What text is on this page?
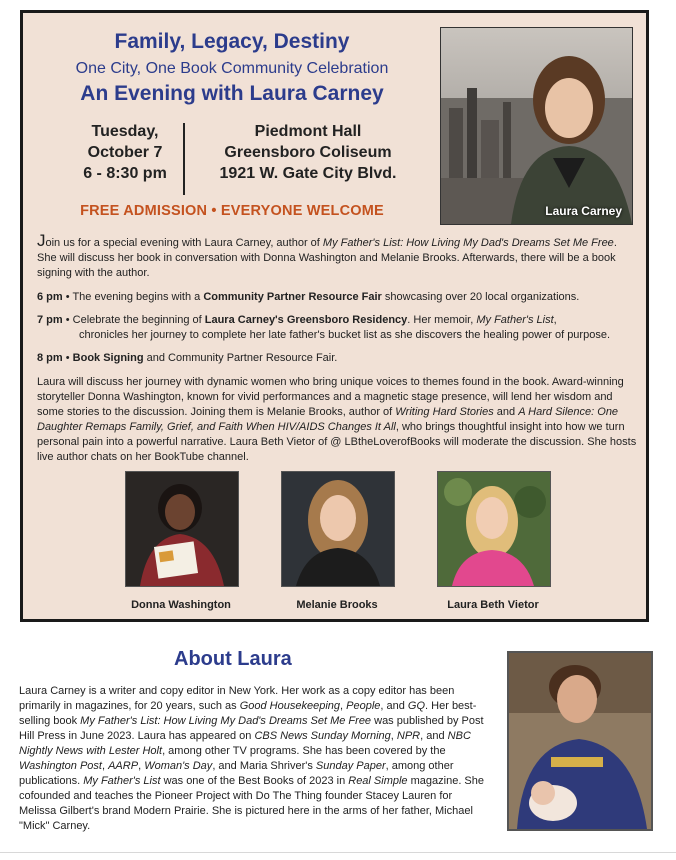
Family, Legacy, Destiny
One City, One Book Community Celebration
An Evening with Laura Carney
Tuesday,
October 7
6 - 8:30 pm
Piedmont Hall
Greensboro Coliseum
1921 W. Gate City Blvd.
FREE ADMISSION • EVERYONE WELCOME	Laura Carney

Join us for a special evening with Laura Carney, author of My Father's List: How Living My Dad's Dreams Set Me Free. She will discuss her book in conversation with Donna Washington and Melanie Brooks. Afterwards, there will be a book signing with the author.

6 pm • The evening begins with a Community Partner Resource Fair showcasing over 20 local organizations.
7 pm • Celebrate the beginning of Laura Carney's Greensboro Residency. Her memoir, My Father's List,
chronicles her journey to complete her late father's bucket list as she discovers the healing power of purpose.
8 pm • Book Signing and Community Partner Resource Fair.

Laura will discuss her journey with dynamic women who bring unique voices to themes found in the book. Award-winning storyteller Donna Washington, known for vivid performances and a magnetic stage presence, will lend her wisdom and some stories to the discussion. Joining them is Melanie Brooks, author of Writing Hard Stories and A Hard Silence: One Daughter Remaps Family, Grief, and Faith When HIV/AIDS Changes It All, who brings thoughtful insight into how we turn personal pain into a powerful narrative. Laura Beth Vietor of @ LBtheLoverofBooks will moderate the discussion. She hosts live author chats on her BookTube channel.

Donna Washington	Melanie Brooks	Laura Beth Vietor
About Laura

Laura Carney is a writer and copy editor in New York. Her work as a copy editor has been primarily in magazines, for 20 years, such as Good Housekeeping, People, and GQ. Her best-selling book My Father's List: How Living My Dad's Dreams Set Me Free was published by Post Hill Press in June 2023. Laura has appeared on CBS News Sunday Morning, NPR, and NBC Nightly News with Lester Holt, among other TV programs. She has been covered by the Washington Post, AARP, Woman's Day, and Maria Shriver's Sunday Paper, among other publications. My Father's List was one of the Best Books of 2023 in Real Simple magazine. She cofounded and teaches the Pioneer Project with Do The Thing founder Stacey Lauren for Melissa Gilbert's brand Modern Prairie. She is pictured here in the arms of her father, Michael "Mick" Carney.
